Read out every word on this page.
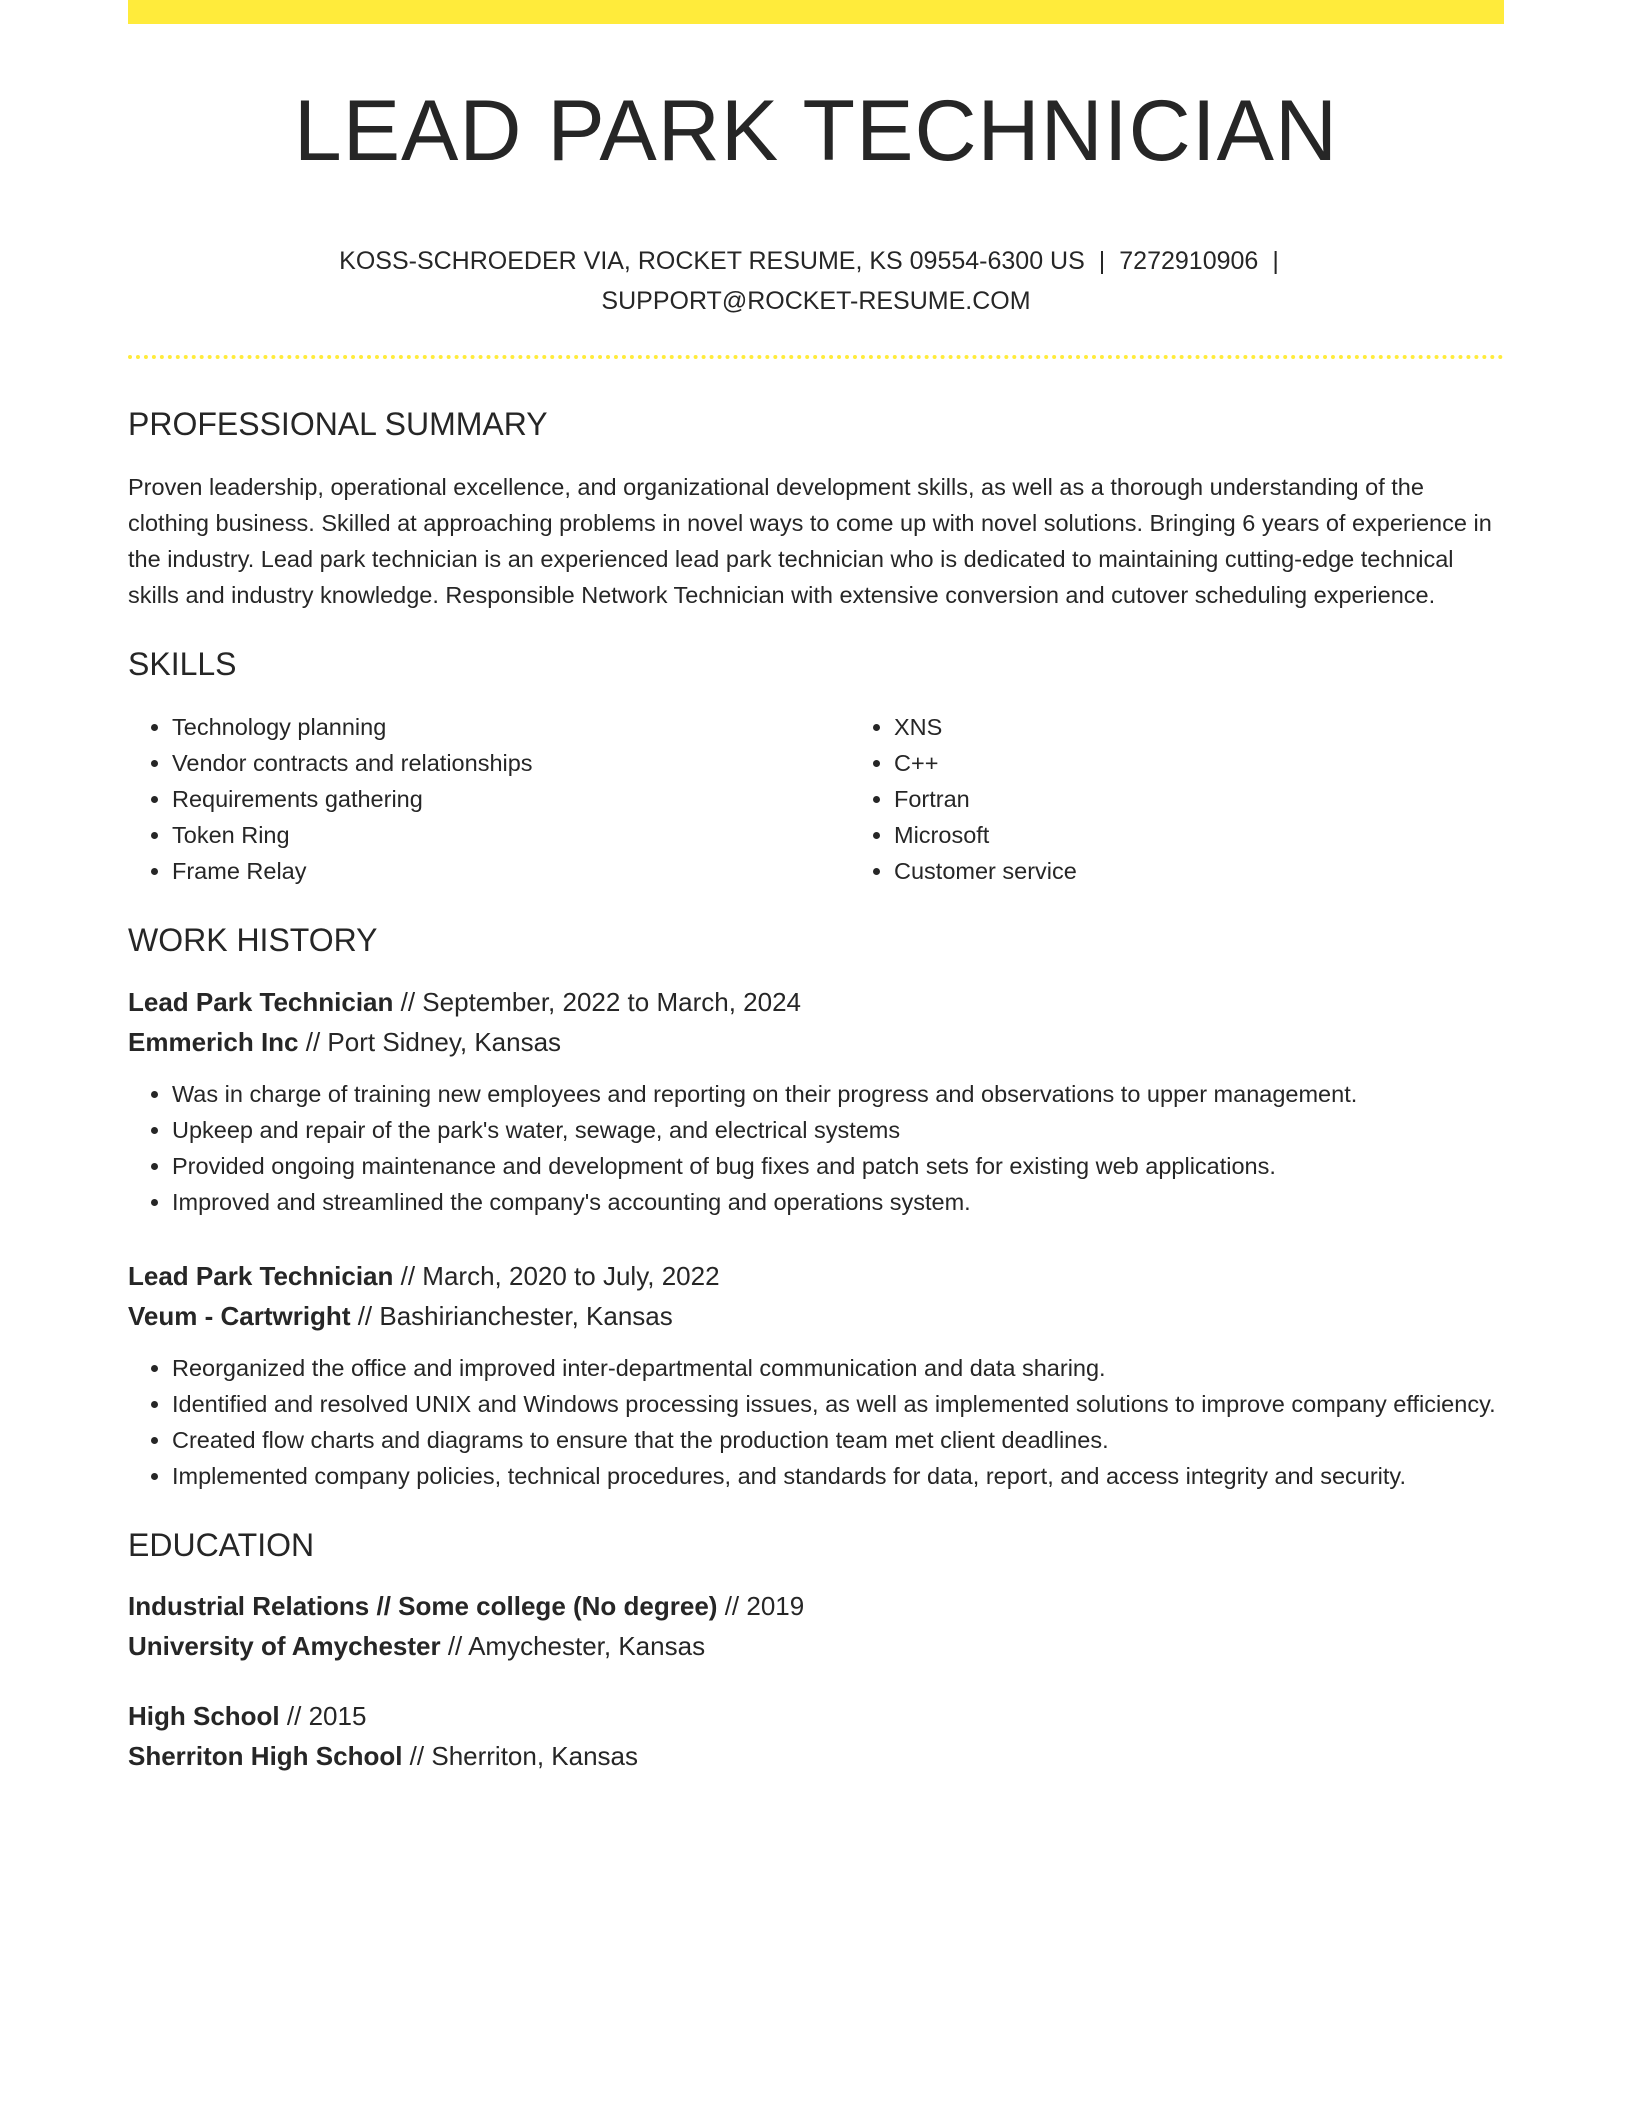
LEAD PARK TECHNICIAN
KOSS-SCHROEDER VIA, ROCKET RESUME, KS 09554-6300 US | 7272910906 |
SUPPORT@ROCKET-RESUME.COM
PROFESSIONAL SUMMARY

Proven leadership, operational excellence, and organizational development skills, as well as a thorough understanding of the clothing business. Skilled at approaching problems in novel ways to come up with novel solutions. Bringing 6 years of experience in the industry. Lead park technician is an experienced lead park technician who is dedicated to maintaining cutting-edge technical skills and industry knowledge. Responsible Network Technician with extensive conversion and cutover scheduling experience.

SKILLS
• Technology planning
• Vendor contracts and relationships
• Requirements gathering
• Token Ring
• Frame Relay
• XNS
• C++
• Fortran
• Microsoft
• Customer service
WORK HISTORY
Lead Park Technician // September, 2022 to March, 2024
Emmerich Inc // Port Sidney, Kansas
• Was in charge of training new employees and reporting on their progress and observations to upper management.
• Upkeep and repair of the park's water, sewage, and electrical systems
• Provided ongoing maintenance and development of bug fixes and patch sets for existing web applications.
• Improved and streamlined the company's accounting and operations system.
Lead Park Technician // March, 2020 to July, 2022
Veum - Cartwright // Bashirianchester, Kansas
• Reorganized the office and improved inter-departmental communication and data sharing.
• Identified and resolved UNIX and Windows processing issues, as well as implemented solutions to improve company efficiency.
• Created flow charts and diagrams to ensure that the production team met client deadlines.
• Implemented company policies, technical procedures, and standards for data, report, and access integrity and security.
EDUCATION
Industrial Relations // Some college (No degree) // 2019
University of Amychester // Amychester, Kansas
High School // 2015
Sherriton High School // Sherriton, Kansas
